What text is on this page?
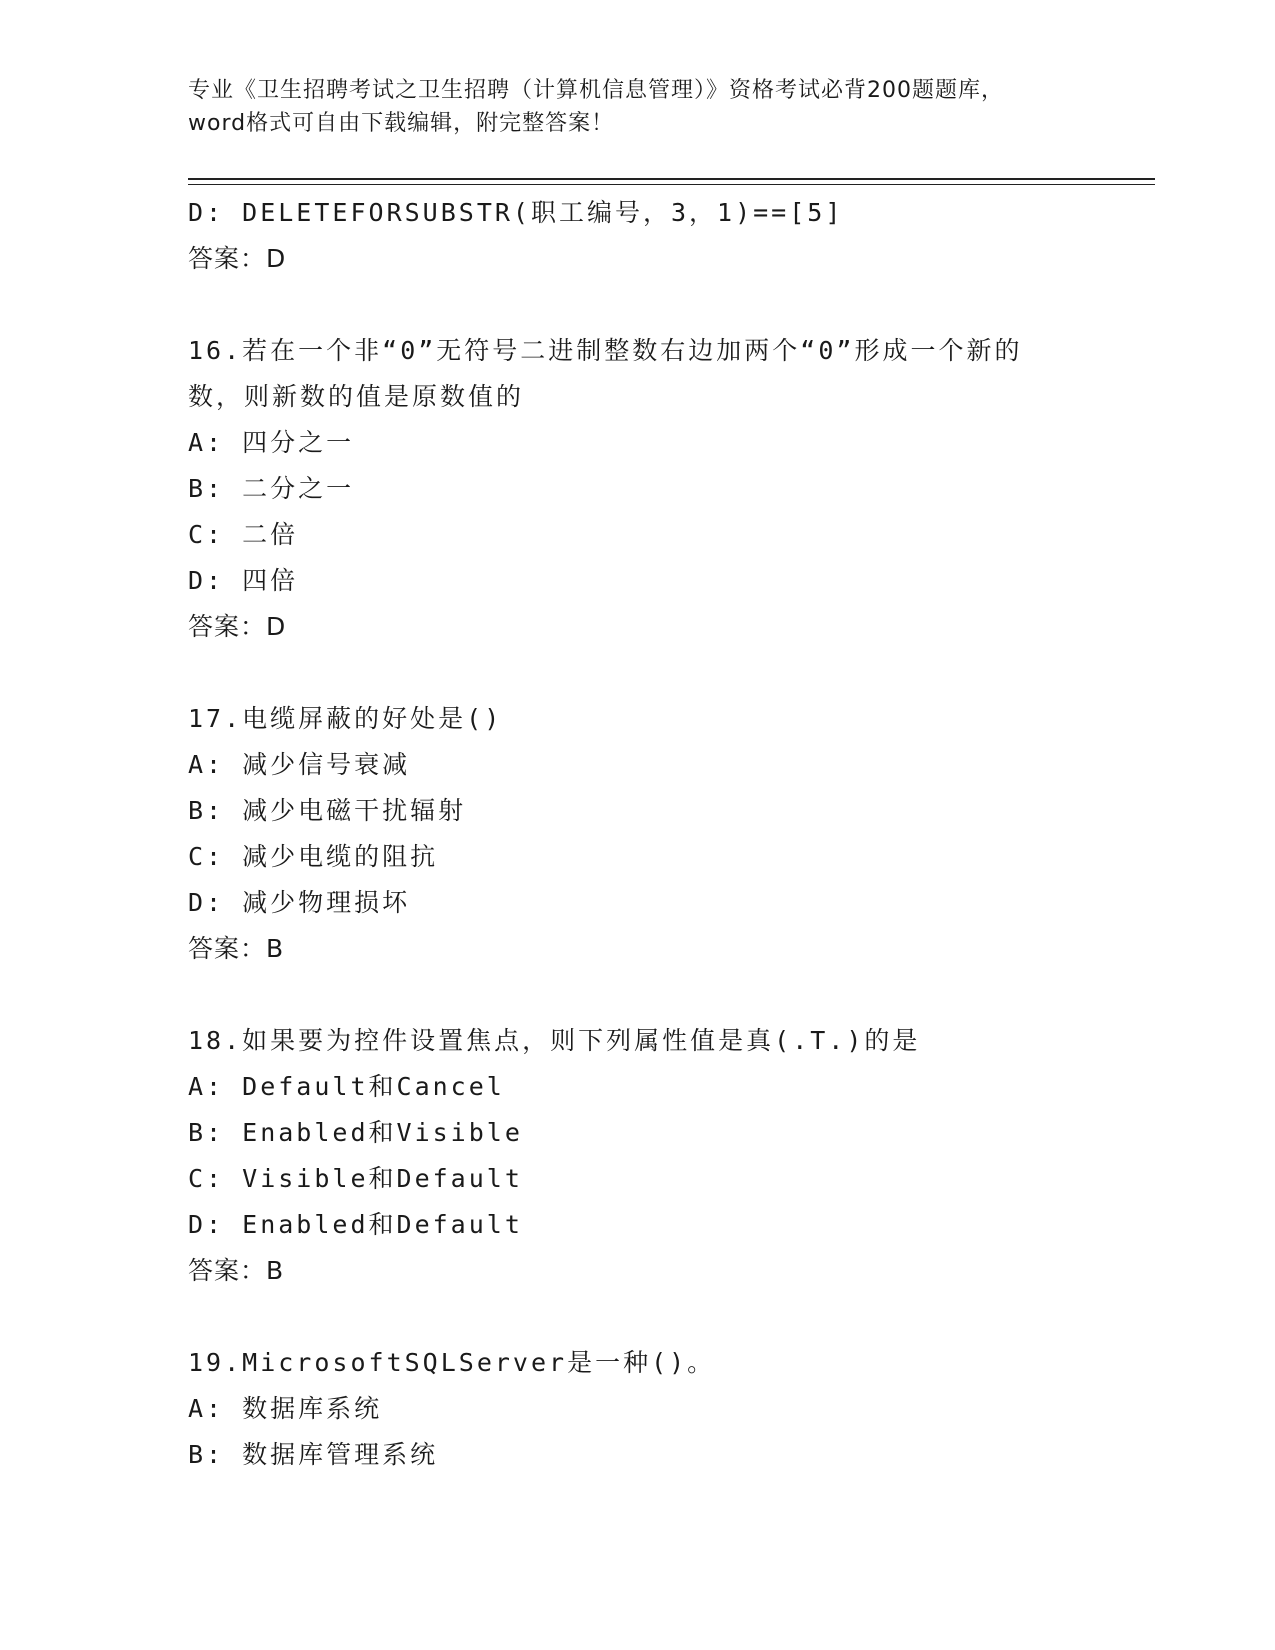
专业《卫生招聘考试之卫生招聘（计算机信息管理）》资格考试必背200题题库，
word格式可自由下载编辑，附完整答案！
D: DELETEFORSUBSTR(职工编号，3，1)==[5]
答案：D
16.若在一个非“0”无符号二进制整数右边加两个“0”形成一个新的
数，则新数的值是原数值的
A: 四分之一
B: 二分之一
C: 二倍
D: 四倍
答案：D
17.电缆屏蔽的好处是()
A: 减少信号衰减
B: 减少电磁干扰辐射
C: 减少电缆的阻抗
D: 减少物理损坏
答案：B
18.如果要为控件设置焦点，则下列属性值是真(.T.)的是
A: Default和Cancel
B: Enabled和Visible
C: Visible和Default
D: Enabled和Default
答案：B
19.MicrosoftSQLServer是一种()。
A: 数据库系统
B: 数据库管理系统
